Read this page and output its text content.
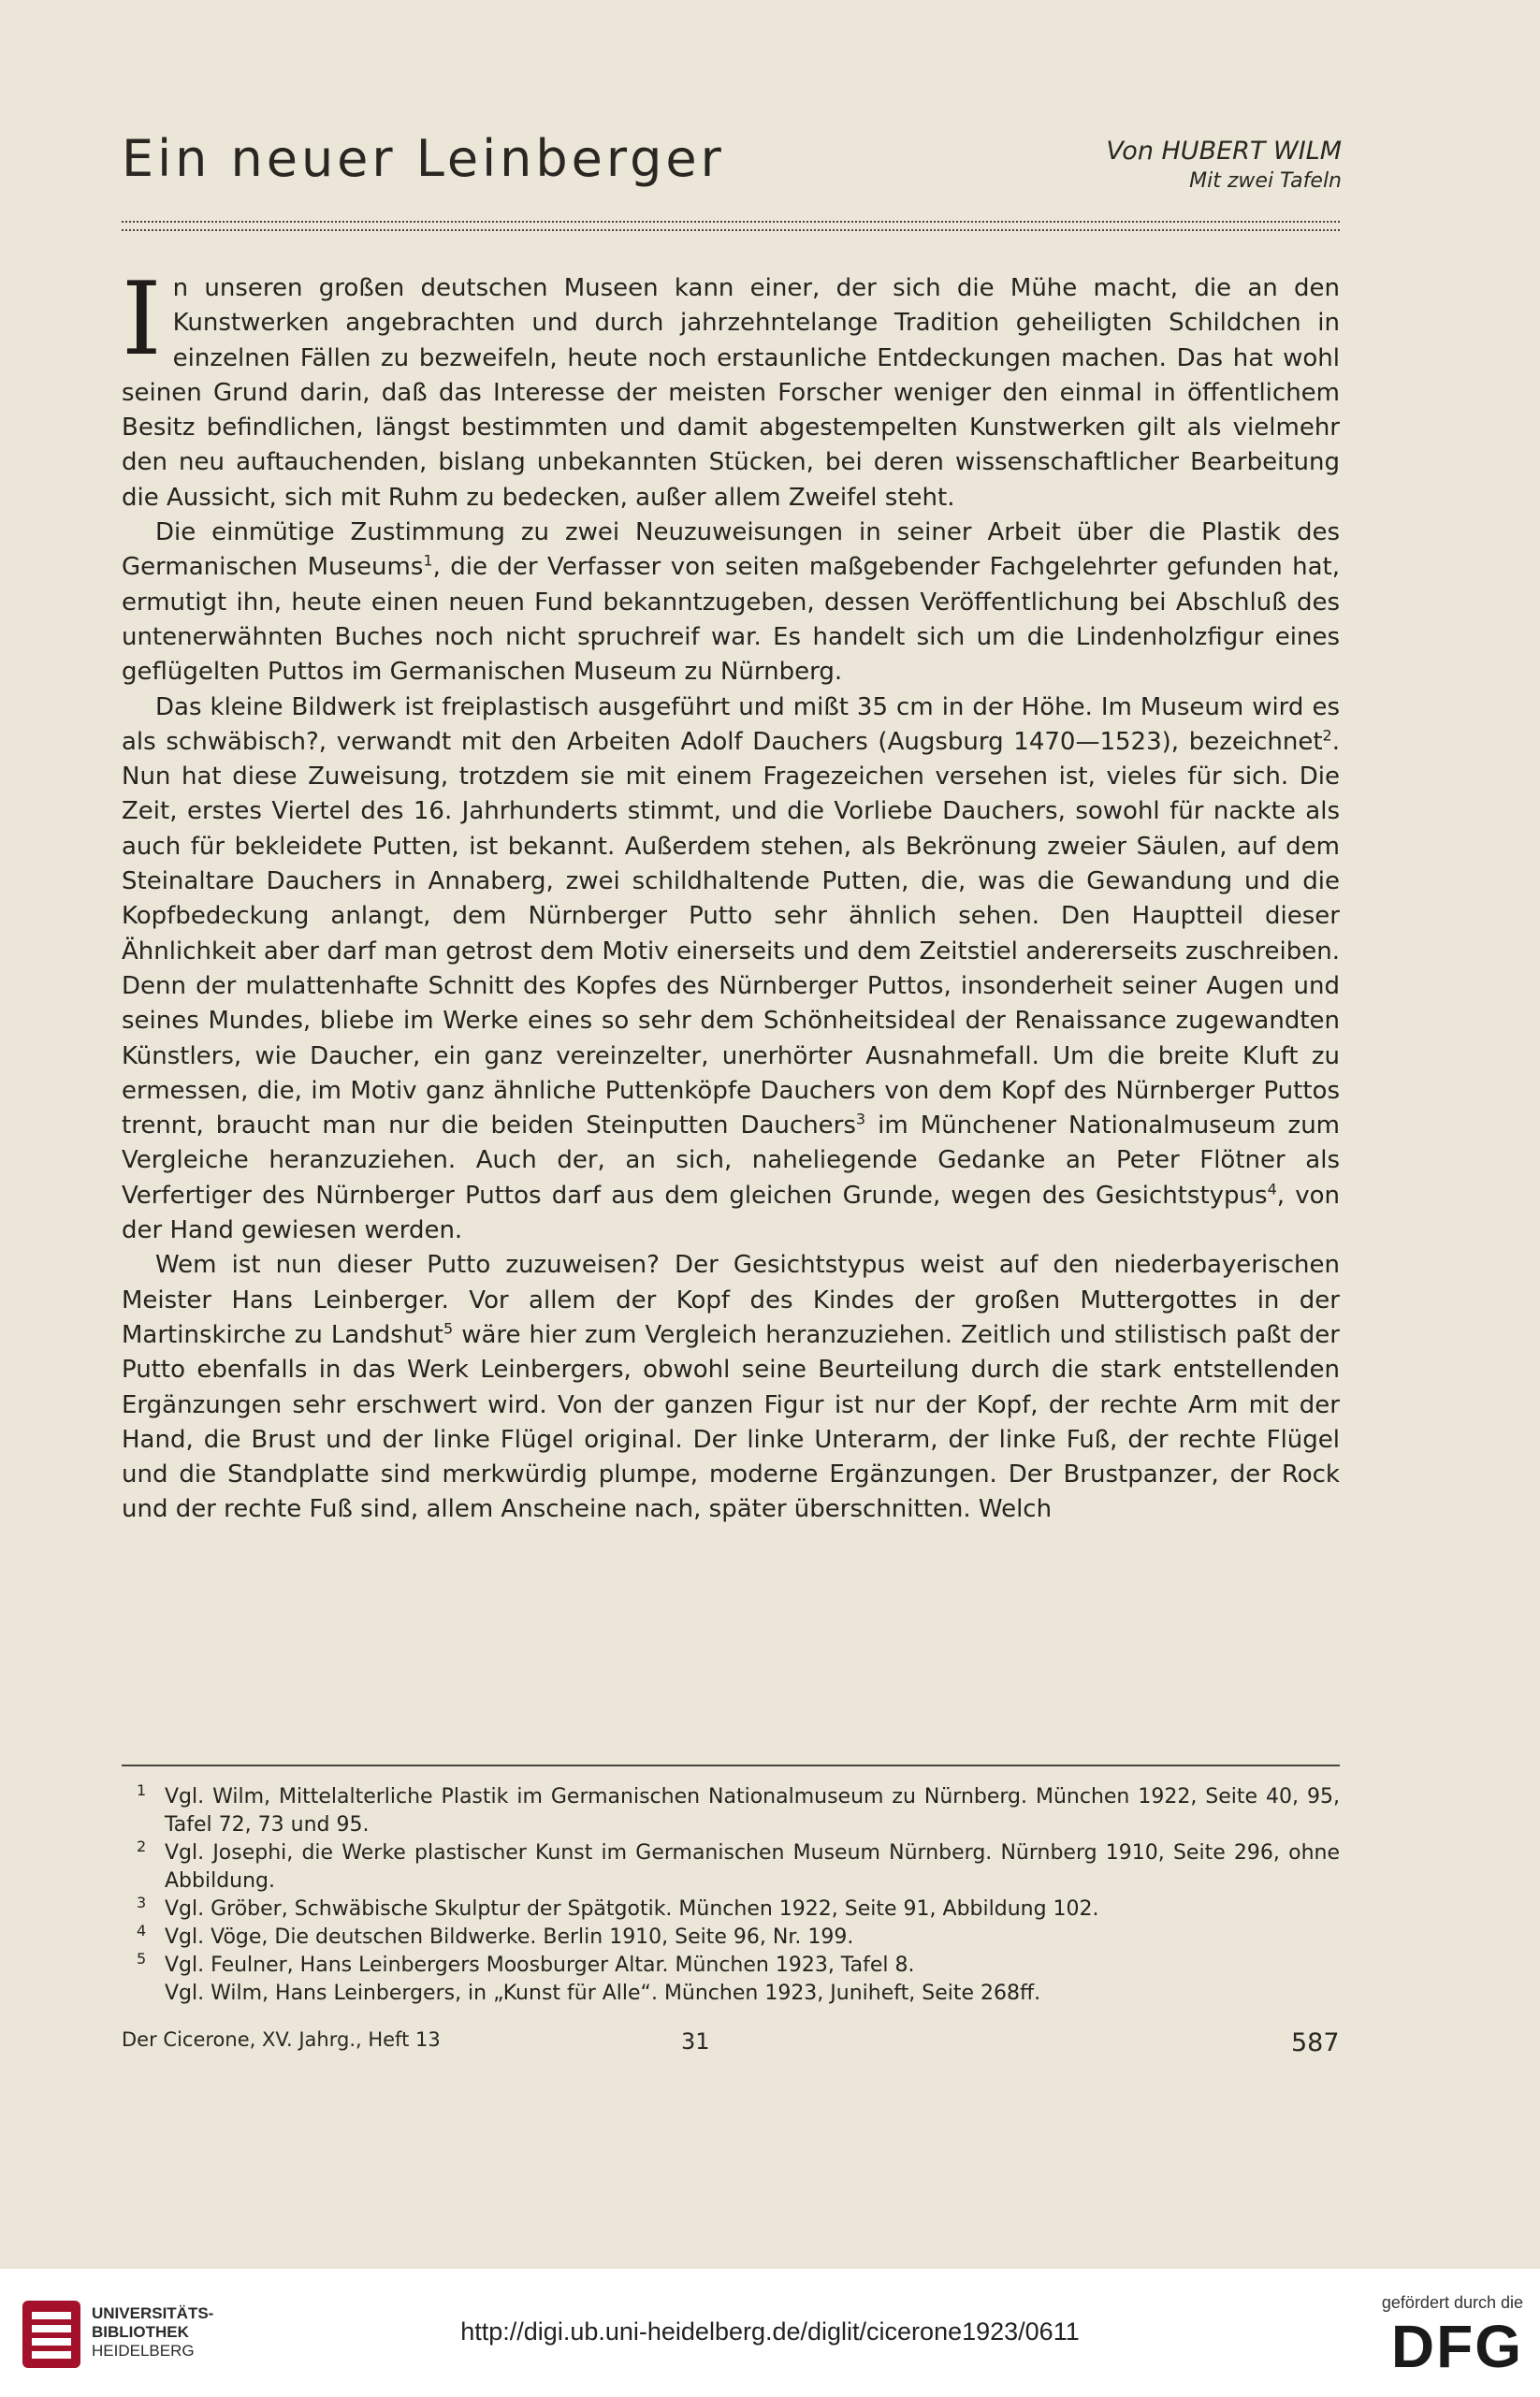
Ein neuer Leinberger	Von HUBERT WILM
Mit zwei Tafeln

In unseren großen deutschen Museen kann einer, der sich die Mühe macht, die an den Kunstwerken angebrachten und durch jahrzehntelange Tradition geheiligten Schildchen in einzelnen Fällen zu bezweifeln, heute noch erstaunliche Entdeckungen machen. Das hat wohl seinen Grund darin, daß das Interesse der meisten Forscher weniger den einmal in öffentlichem Besitz befindlichen, längst bestimmten und damit abgestempelten Kunstwerken gilt als vielmehr den neu auftauchenden, bislang unbekannten Stücken, bei deren wissenschaftlicher Bearbeitung die Aussicht, sich mit Ruhm zu bedecken, außer allem Zweifel steht.

Die einmütige Zustimmung zu zwei Neuzuweisungen in seiner Arbeit über die Plastik des Germanischen Museums$^1$, die der Verfasser von seiten maßgebender Fachgelehrter gefunden hat, ermutigt ihn, heute einen neuen Fund bekanntzugeben, dessen Veröffentlichung bei Abschluß des untenerwähnten Buches noch nicht spruchreif war. Es handelt sich um die Lindenholzfigur eines geflügelten Puttos im Germanischen Museum zu Nürnberg.

Das kleine Bildwerk ist freiplastisch ausgeführt und mißt 35 cm in der Höhe. Im Museum wird es als schwäbisch?, verwandt mit den Arbeiten Adolf Dauchers (Augsburg 1470—1523), bezeichnet$^2$. Nun hat diese Zuweisung, trotzdem sie mit einem Fragezeichen versehen ist, vieles für sich. Die Zeit, erstes Viertel des 16. Jahrhunderts stimmt, und die Vorliebe Dauchers, sowohl für nackte als auch für bekleidete Putten, ist bekannt. Außerdem stehen, als Bekrönung zweier Säulen, auf dem Steinaltare Dauchers in Annaberg, zwei schildhaltende Putten, die, was die Gewandung und die Kopfbedeckung anlangt, dem Nürnberger Putto sehr ähnlich sehen. Den Hauptteil dieser Ähnlichkeit aber darf man getrost dem Motiv einerseits und dem Zeitstiel andererseits zuschreiben. Denn der mulattenhafte Schnitt des Kopfes des Nürnberger Puttos, insonderheit seiner Augen und seines Mundes, bliebe im Werke eines so sehr dem Schönheitsideal der Renaissance zugewandten Künstlers, wie Daucher, ein ganz vereinzelter, unerhörter Ausnahmefall. Um die breite Kluft zu ermessen, die, im Motiv ganz ähnliche Puttenköpfe Dauchers von dem Kopf des Nürnberger Puttos trennt, braucht man nur die beiden Steinputten Dauchers$^3$ im Münchener Nationalmuseum zum Vergleiche heranzuziehen. Auch der, an sich, naheliegende Gedanke an Peter Flötner als Verfertiger des Nürnberger Puttos darf aus dem gleichen Grunde, wegen des Gesichtstypus$^4$, von der Hand gewiesen werden.

Wem ist nun dieser Putto zuzuweisen? Der Gesichtstypus weist auf den niederbayerischen Meister Hans Leinberger. Vor allem der Kopf des Kindes der großen Muttergottes in der Martinskirche zu Landshut$^5$ wäre hier zum Vergleich heranzuziehen. Zeitlich und stilistisch paßt der Putto ebenfalls in das Werk Leinbergers, obwohl seine Beurteilung durch die stark entstellenden Ergänzungen sehr erschwert wird. Von der ganzen Figur ist nur der Kopf, der rechte Arm mit der Hand, die Brust und der linke Flügel original. Der linke Unterarm, der linke Fuß, der rechte Flügel und die Standplatte sind merkwürdig plumpe, moderne Ergänzungen. Der Brustpanzer, der Rock und der rechte Fuß sind, allem Anscheine nach, später überschnitten. Welch

1 Vgl. Wilm, Mittelalterliche Plastik im Germanischen Nationalmuseum zu Nürnberg. München 1922, Seite 40, 95, Tafel 72, 73 und 95.
2 Vgl. Josephi, die Werke plastischer Kunst im Germanischen Museum Nürnberg. Nürnberg 1910, Seite 296, ohne Abbildung.
3 Vgl. Gröber, Schwäbische Skulptur der Spätgotik. München 1922, Seite 91, Abbildung 102.
4 Vgl. Vöge, Die deutschen Bildwerke. Berlin 1910, Seite 96, Nr. 199.
5 Vgl. Feulner, Hans Leinbergers Moosburger Altar. München 1923, Tafel 8.
Vgl. Wilm, Hans Leinbergers, in „Kunst für Alle“. München 1923, Juniheft, Seite 268ff.
Der Cicerone, XV. Jahrg., Heft 13	31	587
UNIVERSITÄTS-
BIBLIOTHEK
HEIDELBERG
http://digi.ub.uni-heidelberg.de/diglit/cicerone1923/0611
gefördert durch die
DFG
